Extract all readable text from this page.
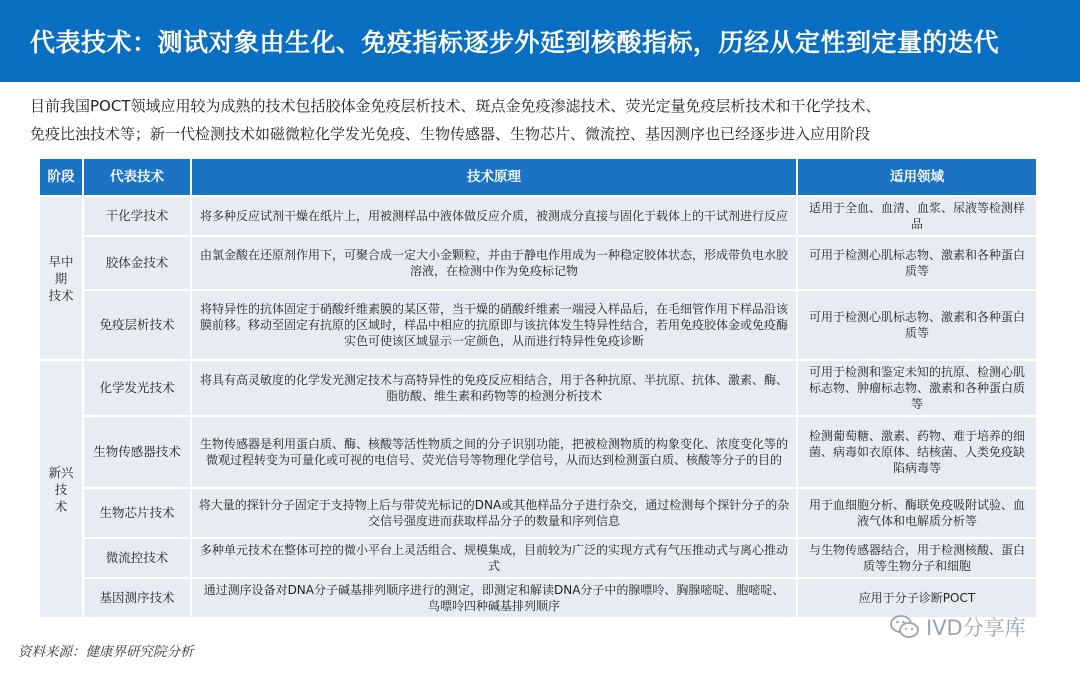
代表技术：测试对象由生化、免疫指标逐步外延到核酸指标，历经从定性到定量的迭代
目前我国POCT领域应用较为成熟的技术包括胶体金免疫层析技术、斑点金免疫渗滤技术、荧光定量免疫层析技术和干化学技术、
免疫比浊技术等；新一代检测技术如磁微粒化学发光免疫、生物传感器、生物芯片、微流控、基因测序也已经逐步进入应用阶段
阶段	代表技术	技术原理	适用领域
早中期
技术	干化学技术	将多种反应试剂干燥在纸片上，用被测样品中液体做反应介质，被测成分直接与固化于载体上的干试剂进行反应	适用于全血、血清、血浆、尿液等检测样品
	胶体金技术	由氯金酸在还原剂作用下，可聚合成一定大小金颗粒，并由于静电作用成为一种稳定胶体状态，形成带负电水胶溶液，在检测中作为免疫标记物	可用于检测心肌标志物、激素和各种蛋白质等
	免疫层析技术	将特异性的抗体固定于硝酸纤维素膜的某区带，当干燥的硝酸纤维素一端浸入样品后，在毛细管作用下样品沿该膜前移。移动至固定有抗原的区域时，样品中相应的抗原即与该抗体发生特异性结合，若用免疫胶体金或免疫酶实色可使该区域显示一定颜色，从而进行特异性免疫诊断	可用于检测心肌标志物、激素和各种蛋白质等
新兴技
术	化学发光技术	将具有高灵敏度的化学发光测定技术与高特异性的免疫反应相结合，用于各种抗原、半抗原、抗体、激素、酶、脂肪酸、维生素和药物等的检测分析技术	可用于检测和鉴定未知的抗原、检测心肌标志物、肿瘤标志物、激素和各种蛋白质等
	生物传感器技术	生物传感器是利用蛋白质、酶、核酸等活性物质之间的分子识别功能，把被检测物质的构象变化、浓度变化等的微观过程转变为可量化或可视的电信号、荧光信号等物理化学信号，从而达到检测蛋白质、核酸等分子的目的	检测葡萄糖、激素、药物、难于培养的细菌、病毒如衣原体、结核菌、人类免疫缺陷病毒等
	生物芯片技术	将大量的探针分子固定于支持物上后与带荧光标记的DNA或其他样品分子进行杂交，通过检测每个探针分子的杂交信号强度进而获取样品分子的数量和序列信息	用于血细胞分析、酶联免疫吸附试验、血液气体和电解质分析等
	微流控技术	多种单元技术在整体可控的微小平台上灵活组合、规模集成，目前较为广泛的实现方式有气压推动式与离心推动式	与生物传感器结合，用于检测核酸、蛋白质等生物分子和细胞
	基因测序技术	通过测序设备对DNA分子碱基排列顺序进行的测定，即测定和解读DNA分子中的腺嘌呤、胸腺嘧啶、胞嘧啶、鸟嘌呤四种碱基排列顺序	应用于分子诊断POCT
资料来源：健康界研究院分析
IVD分享库
